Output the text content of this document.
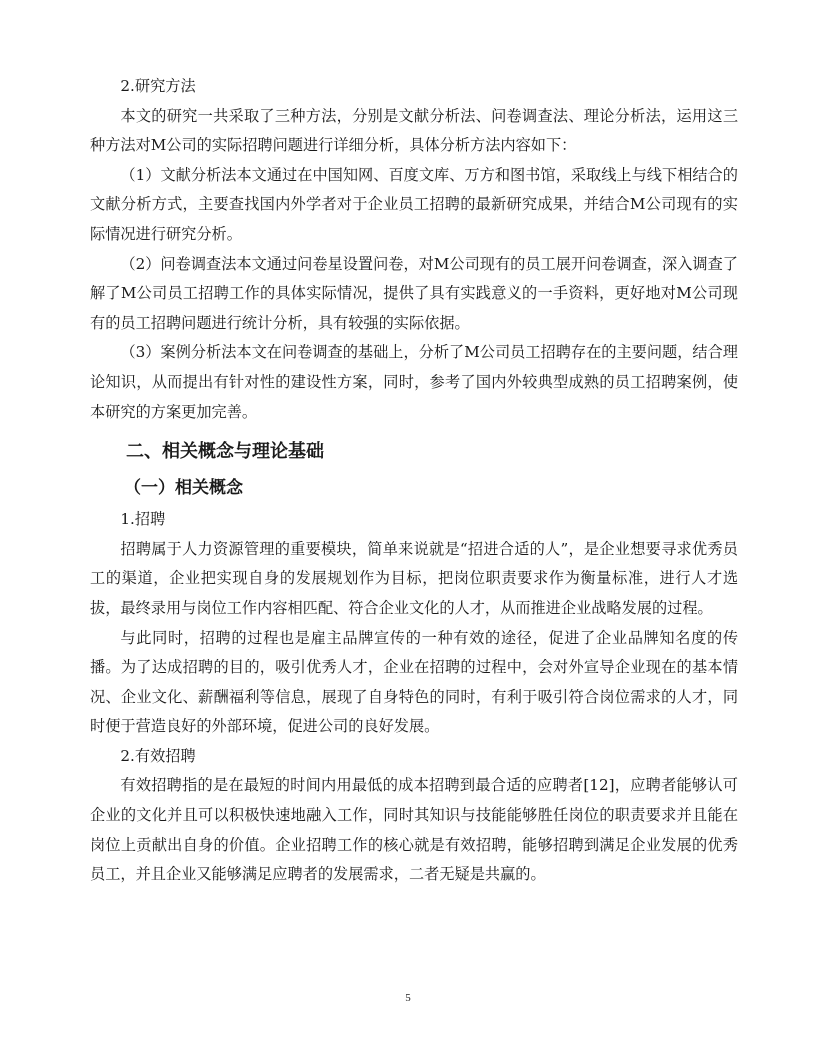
2.研究方法

本文的研究一共采取了三种方法，分别是文献分析法、问卷调查法、理论分析法，运用这三种方法对M公司的实际招聘问题进行详细分析，具体分析方法内容如下：

（1）文献分析法本文通过在中国知网、百度文库、万方和图书馆，采取线上与线下相结合的文献分析方式，主要查找国内外学者对于企业员工招聘的最新研究成果，并结合M公司现有的实际情况进行研究分析。

（2）问卷调查法本文通过问卷星设置问卷，对M公司现有的员工展开问卷调查，深入调查了解了M公司员工招聘工作的具体实际情况，提供了具有实践意义的一手资料，更好地对M公司现有的员工招聘问题进行统计分析，具有较强的实际依据。

（3）案例分析法本文在问卷调查的基础上，分析了M公司员工招聘存在的主要问题，结合理论知识，从而提出有针对性的建设性方案，同时，参考了国内外较典型成熟的员工招聘案例，使本研究的方案更加完善。

二、相关概念与理论基础

（一）相关概念

1.招聘

招聘属于人力资源管理的重要模块，简单来说就是“招进合适的人”，是企业想要寻求优秀员工的渠道，企业把实现自身的发展规划作为目标，把岗位职责要求作为衡量标准，进行人才选拔，最终录用与岗位工作内容相匹配、符合企业文化的人才，从而推进企业战略发展的过程。

与此同时，招聘的过程也是雇主品牌宣传的一种有效的途径，促进了企业品牌知名度的传播。为了达成招聘的目的，吸引优秀人才，企业在招聘的过程中，会对外宣导企业现在的基本情况、企业文化、薪酬福利等信息，展现了自身特色的同时，有利于吸引符合岗位需求的人才，同时便于营造良好的外部环境，促进公司的良好发展。

2.有效招聘

有效招聘指的是在最短的时间内用最低的成本招聘到最合适的应聘者[12]，应聘者能够认可企业的文化并且可以积极快速地融入工作，同时其知识与技能能够胜任岗位的职责要求并且能在岗位上贡献出自身的价值。企业招聘工作的核心就是有效招聘，能够招聘到满足企业发展的优秀员工，并且企业又能够满足应聘者的发展需求，二者无疑是共赢的。

5
